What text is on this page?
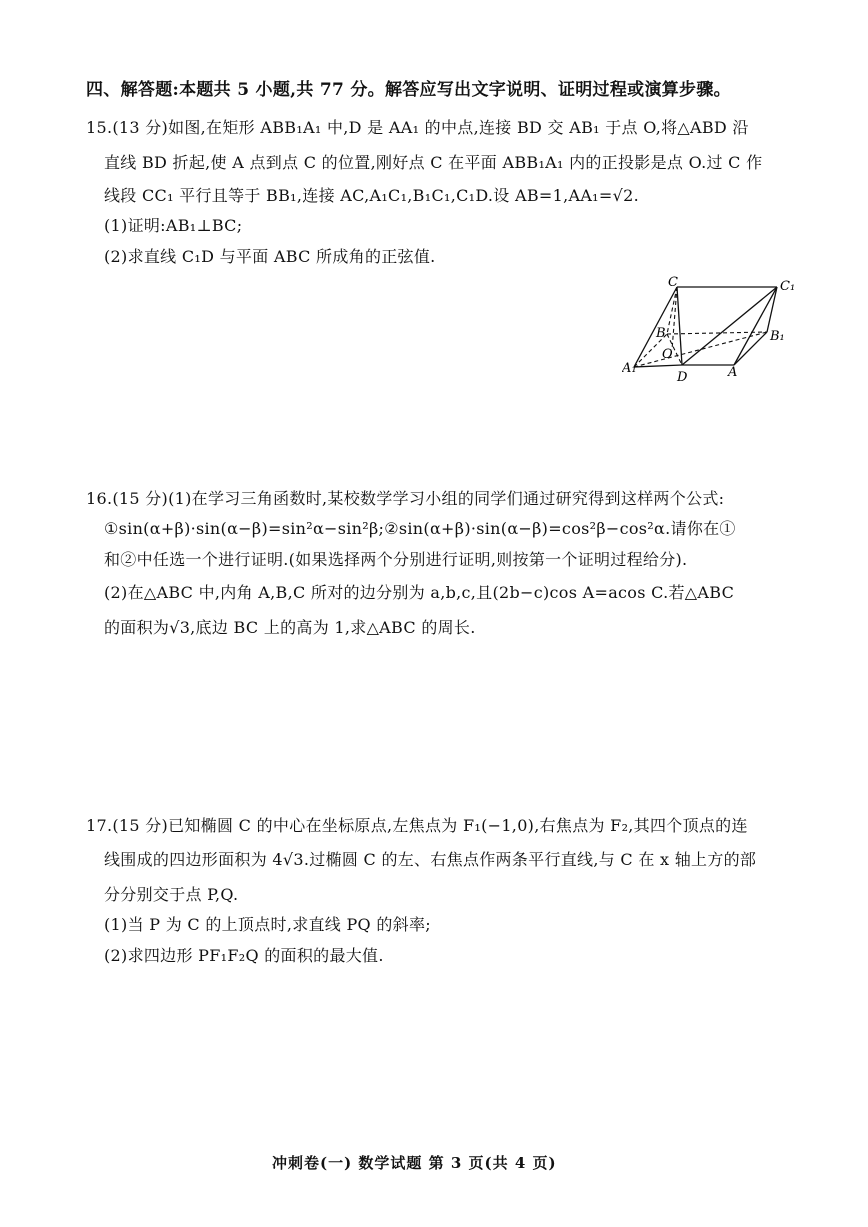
四、解答题:本题共 5 小题,共 77 分。解答应写出文字说明、证明过程或演算步骤。
15.(13 分)如图,在矩形 ABB₁A₁ 中,D 是 AA₁ 的中点,连接 BD 交 AB₁ 于点 O,将△ABD 沿
直线 BD 折起,使 A 点到点 C 的位置,刚好点 C 在平面 ABB₁A₁ 内的正投影是点 O.过 C 作
线段 CC₁ 平行且等于 BB₁,连接 AC,A₁C₁,B₁C₁,C₁D.设 AB=1,AA₁=√2.
(1)证明:AB₁⊥BC;
(2)求直线 C₁D 与平面 ABC 所成角的正弦值.
C	C₁
B	B₁
O
A₁
D	A
16.(15 分)(1)在学习三角函数时,某校数学学习小组的同学们通过研究得到这样两个公式:
①sin(α+β)·sin(α−β)=sin²α−sin²β;②sin(α+β)·sin(α−β)=cos²β−cos²α.请你在①
和②中任选一个进行证明.(如果选择两个分别进行证明,则按第一个证明过程给分).
(2)在△ABC 中,内角 A,B,C 所对的边分别为 a,b,c,且(2b−c)cos A=acos C.若△ABC
的面积为√3,底边 BC 上的高为 1,求△ABC 的周长.
17.(15 分)已知椭圆 C 的中心在坐标原点,左焦点为 F₁(−1,0),右焦点为 F₂,其四个顶点的连
线围成的四边形面积为 4√3.过椭圆 C 的左、右焦点作两条平行直线,与 C 在 x 轴上方的部
分分别交于点 P,Q.
(1)当 P 为 C 的上顶点时,求直线 PQ 的斜率;
(2)求四边形 PF₁F₂Q 的面积的最大值.
冲刺卷(一) 数学试题 第 3 页(共 4 页)
